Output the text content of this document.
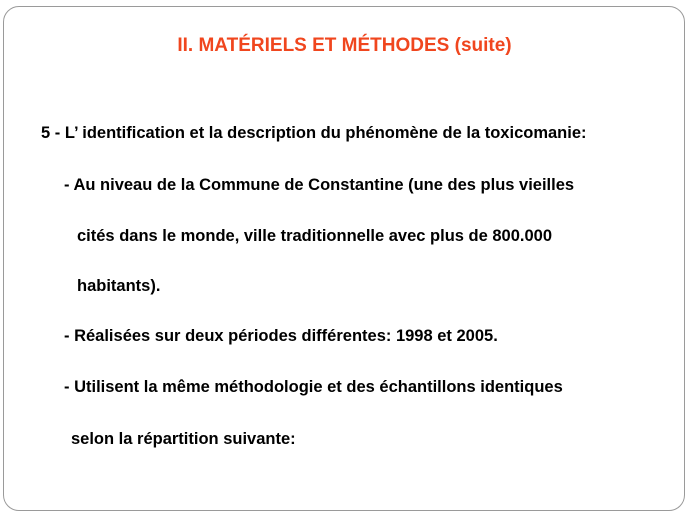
II. MATÉRIELS ET MÉTHODES (suite)
5 - L’ identification et la description du phénomène de la toxicomanie:
- Au niveau de la Commune de Constantine (une des plus vieilles
cités dans le monde, ville traditionnelle avec plus de 800.000
habitants).
- Réalisées sur deux périodes différentes: 1998 et 2005.
- Utilisent la même méthodologie et des échantillons identiques
selon la répartition suivante:
